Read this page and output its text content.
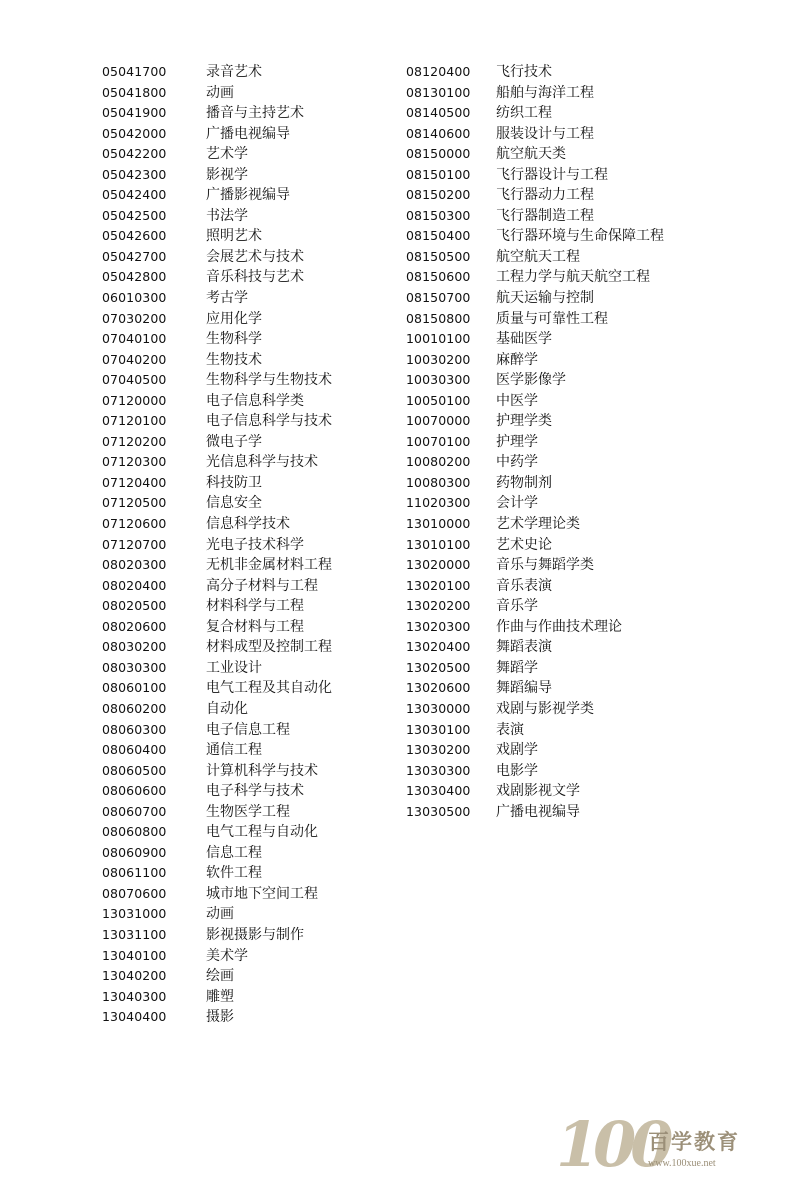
05041700	录音艺术
05041800	动画
05041900	播音与主持艺术
05042000	广播电视编导
05042200	艺术学
05042300	影视学
05042400	广播影视编导
05042500	书法学
05042600	照明艺术
05042700	会展艺术与技术
05042800	音乐科技与艺术
06010300	考古学
07030200	应用化学
07040100	生物科学
07040200	生物技术
07040500	生物科学与生物技术
07120000	电子信息科学类
07120100	电子信息科学与技术
07120200	微电子学
07120300	光信息科学与技术
07120400	科技防卫
07120500	信息安全
07120600	信息科学技术
07120700	光电子技术科学
08020300	无机非金属材料工程
08020400	高分子材料与工程
08020500	材料科学与工程
08020600	复合材料与工程
08030200	材料成型及控制工程
08030300	工业设计
08060100	电气工程及其自动化
08060200	自动化
08060300	电子信息工程
08060400	通信工程
08060500	计算机科学与技术
08060600	电子科学与技术
08060700	生物医学工程
08060800	电气工程与自动化
08060900	信息工程
08061100	软件工程
08070600	城市地下空间工程
13031000	动画
13031100	影视摄影与制作
13040100	美术学
13040200	绘画
13040300	雕塑
13040400	摄影
08120400 飞行技术
08130100 船舶与海洋工程
08140500 纺织工程
08140600 服装设计与工程
08150000 航空航天类
08150100 飞行器设计与工程
08150200 飞行器动力工程
08150300 飞行器制造工程
08150400 飞行器环境与生命保障工程
08150500 航空航天工程
08150600 工程力学与航天航空工程
08150700 航天运输与控制
08150800 质量与可靠性工程
10010100 基础医学
10030200 麻醉学
10030300 医学影像学
10050100 中医学
10070000 护理学类
10070100 护理学
10080200 中药学
10080300 药物制剂
11020300 会计学
13010000 艺术学理论类
13010100 艺术史论
13020000 音乐与舞蹈学类
13020100 音乐表演
13020200 音乐学
13020300 作曲与作曲技术理论
13020400 舞蹈表演
13020500 舞蹈学
13020600 舞蹈编导
13030000 戏剧与影视学类
13030100 表演
13030200 戏剧学
13030300 电影学
13030400 戏剧影视文学
13030500 广播电视编导
100
百学教育
www.100xue.net
